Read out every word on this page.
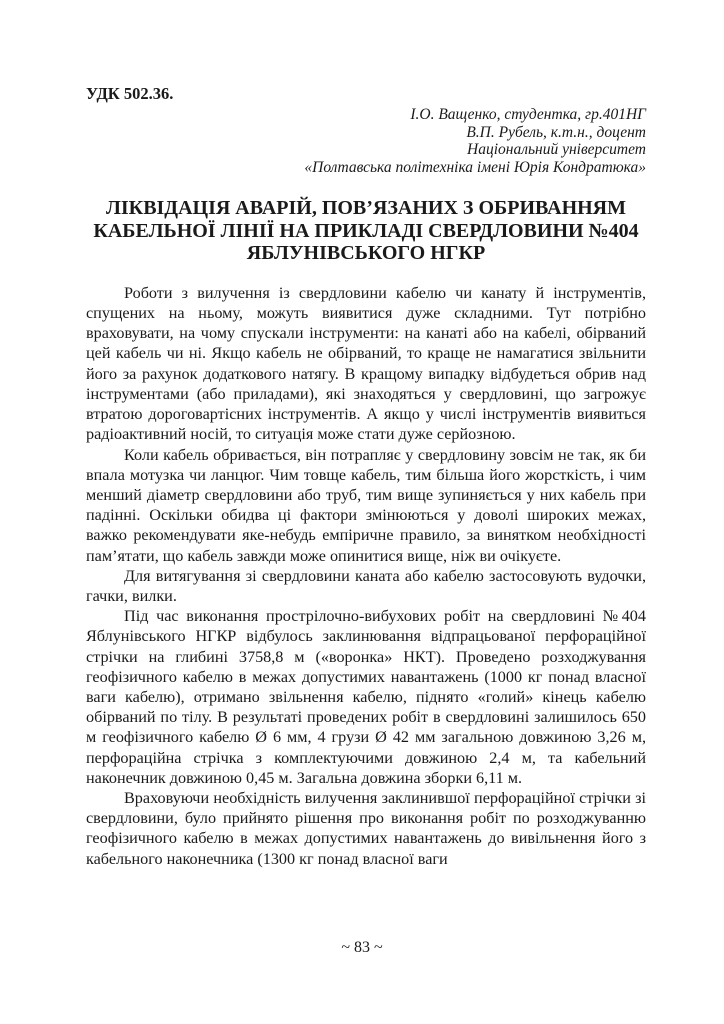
УДК 502.36.
І.О. Ващенко, студентка, гр.401НГ
В.П. Рубель, к.т.н., доцент
Національний університет
«Полтавська політехніка імені Юрія Кондратюка»
ЛІКВІДАЦІЯ АВАРІЙ, ПОВ’ЯЗАНИХ З ОБРИВАННЯМ
КАБЕЛЬНОЇ ЛІНІЇ НА ПРИКЛАДІ СВЕРДЛОВИНИ №404
ЯБЛУНІВСЬКОГО НГКР

Роботи з вилучення із свердловини кабелю чи канату й інструментів, спущених на ньому, можуть виявитися дуже складними. Тут потрібно враховувати, на чому спускали інструменти: на канаті або на кабелі, обірваний цей кабель чи ні. Якщо кабель не обірваний, то краще не намагатися звільнити його за рахунок додаткового натягу. В кращому випадку відбудеться обрив над інструментами (або приладами), які знаходяться у свердловині, що загрожує втратою дороговартісних інструментів. А якщо у числі інструментів виявиться радіоактивний носій, то ситуація може стати дуже серйозною.

Коли кабель обривається, він потрапляє у свердловину зовсім не так, як би впала мотузка чи ланцюг. Чим товще кабель, тим більша його жорсткість, і чим менший діаметр свердловини або труб, тим вище зупиняється у них кабель при падінні. Оскільки обидва ці фактори змінюються у доволі широких межах, важко рекомендувати яке-небудь емпіричне правило, за винятком необхідності пам’ятати, що кабель завжди може опинитися вище, ніж ви очікуєте.

Для витягування зі свердловини каната або кабелю застосовують вудочки, гачки, вилки.

Під час виконання прострілочно-вибухових робіт на свердловині №404 Яблунівського НГКР відбулось заклинювання відпрацьованої перфораційної стрічки на глибині 3758,8 м («воронка» НКТ). Проведено розходжування геофізичного кабелю в межах допустимих навантажень (1000 кг понад власної ваги кабелю), отримано звільнення кабелю, піднято «голий» кінець кабелю обірваний по тілу. В результаті проведених робіт в свердловині залишилось 650 м геофізичного кабелю Ø 6 мм, 4 грузи Ø 42 мм загальною довжиною 3,26 м, перфораційна стрічка з комплектуючими довжиною 2,4 м, та кабельний наконечник довжиною 0,45 м. Загальна довжина зборки 6,11 м.

Враховуючи необхідність вилучення заклинившої перфораційної стрічки зі свердловини, було прийнято рішення про виконання робіт по розходжуванню геофізичного кабелю в межах допустимих навантажень до вивільнення його з кабельного наконечника (1300 кг понад власної ваги

~ 83 ~
